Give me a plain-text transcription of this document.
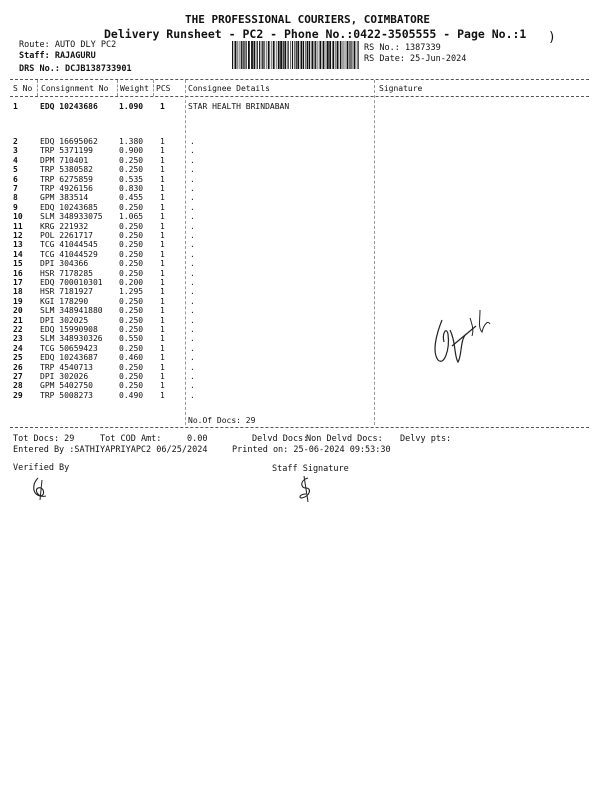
THE PROFESSIONAL COURIERS, COIMBATORE
Delivery Runsheet - PC2 - Phone No.:0422-3505555 - Page No.:1 )
Route: AUTO DLY PC2
Staff: RAJAGURU
DRS No.: DCJB138733901
RS No.: 1387339
RS Date: 25-Jun-2024
S No Consignment No Weight PCS Consignee Details	Signature
1	EDQ 10243686	1.090 1	STAR HEALTH BRINDABAN
2	EDQ 16695062	1.380 1	.
3	TRP 5371199	0.900 1	.
4	DPM 710401	0.250 1	.
5	TRP 5380582	0.250 1	.
6	TRP 6275859	0.535 1	.
7	TRP 4926156	0.830 1	.
8	GPM 383514	0.455 1	.
9	EDQ 10243685	0.250 1	.
10 SLM 348933075 1.065 1	.
11 KRG 221932	0.250 1	.
12 POL 2261717	0.250 1	.
13 TCG 41044545	0.250 1	.
14 TCG 41044529	0.250 1	.
15 DPI 304366	0.250 1	.
16 HSR 7178285	0.250 1	.
17 EDQ 700010301 0.200 1	.
18 HSR 7181927	1.295 1	.
19 KGI 178290	0.250 1	.
20 SLM 348941880 0.250 1	.
21 DPI 302025	0.250 1	.
22 EDQ 15990908	0.250 1	.
23 SLM 348930326 0.550 1	.
24 TCG 50659423	0.250 1	.
25 EDQ 10243687	0.460 1	.
26 TRP 4540713	0.250 1	.
27 DPI 302026	0.250 1	.
28 GPM 5402750	0.250 1	.
29 TRP 5008273	0.490 1	.
No.Of Docs: 29
Tot Docs: 29	Tot COD Amt:     0.00	Delvd Docs:
Non Delvd Docs: Delvy pts:
Entered By :SATHIYAPRIYAPC2 06/25/2024	Printed on: 25-06-2024 09:53:30
Verified By	Staff Signature
